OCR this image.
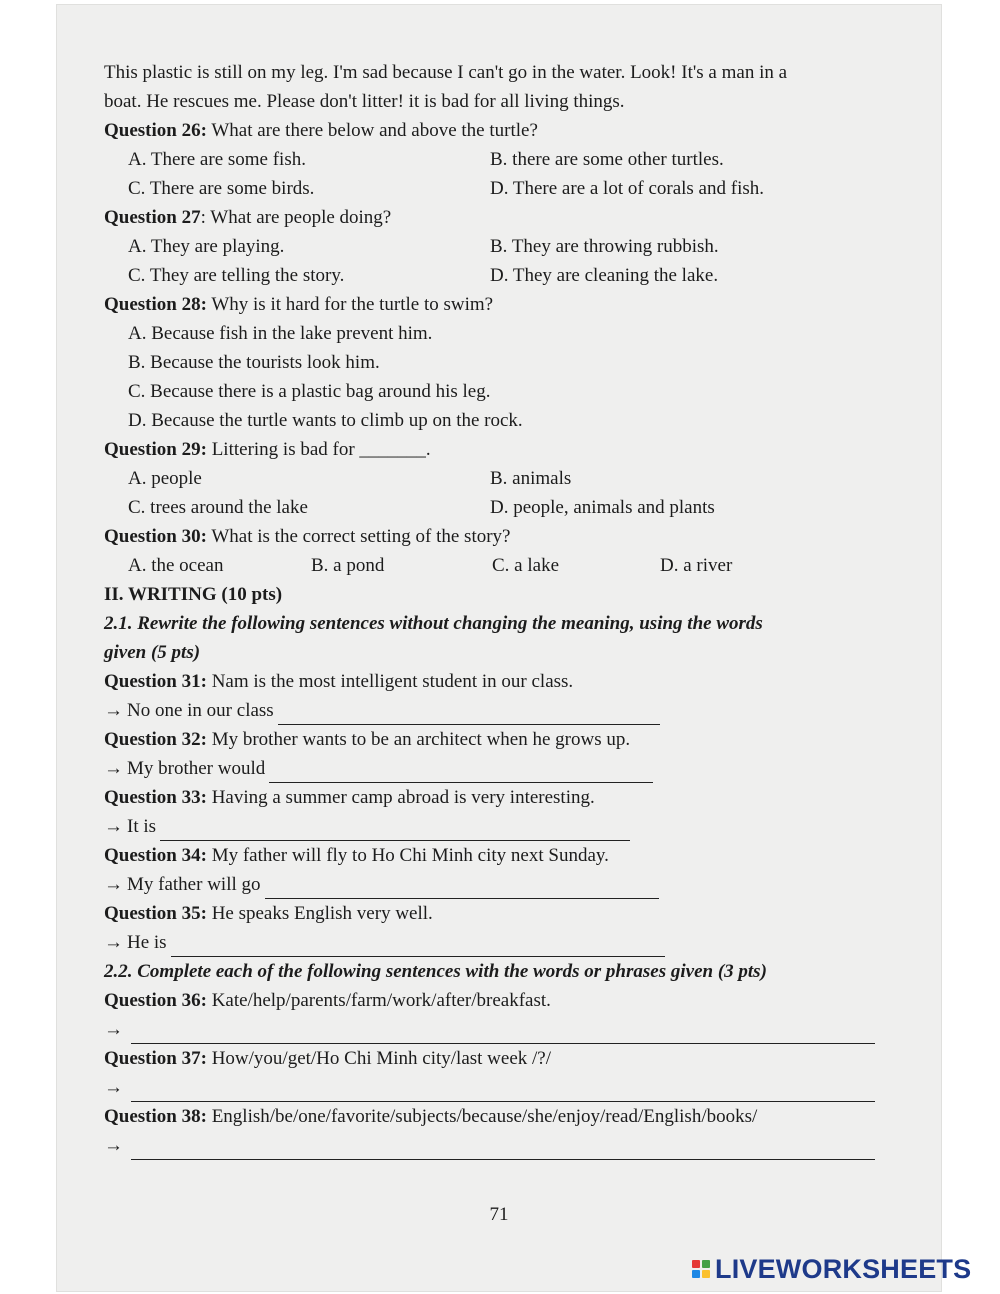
This plastic is still on my leg. I'm sad because I can't go in the water. Look! It's a man in a
boat. He rescues me. Please don't litter! it is bad for all living things.
Question 26: What are there below and above the turtle?
A. There are some fish.	B. there are some other turtles.
C. There are some birds.	D. There are a lot of corals and fish.
Question 27: What are people doing?
A. They are playing.	B. They are throwing rubbish.
C. They are telling the story.	D. They are cleaning the lake.
Question 28: Why is it hard for the turtle to swim?
A. Because fish in the lake prevent him.
B. Because the tourists look him.
C. Because there is a plastic bag around his leg.
D. Because the turtle wants to climb up on the rock.
Question 29: Littering is bad for _______.
A. people	B. animals
C. trees around the lake	D. people, animals and plants
Question 30: What is the correct setting of the story?
A. the ocean	B. a pond	C. a lake	D. a river
II. WRITING (10 pts)
2.1. Rewrite the following sentences without changing the meaning, using the words
given (5 pts)
Question 31: Nam is the most intelligent student in our class.
→ No one in our class
Question 32: My brother wants to be an architect when he grows up.
→ My brother would
Question 33: Having a summer camp abroad is very interesting.
→ It is
Question 34: My father will fly to Ho Chi Minh city next Sunday.
→ My father will go
Question 35: He speaks English very well.
→ He is
2.2. Complete each of the following sentences with the words or phrases given (3 pts)
Question 36: Kate/help/parents/farm/work/after/breakfast.
→
Question 37: How/you/get/Ho Chi Minh city/last week /?/
→
Question 38: English/be/one/favorite/subjects/because/she/enjoy/read/English/books/
→
71
LIVEWORKSHEETS
